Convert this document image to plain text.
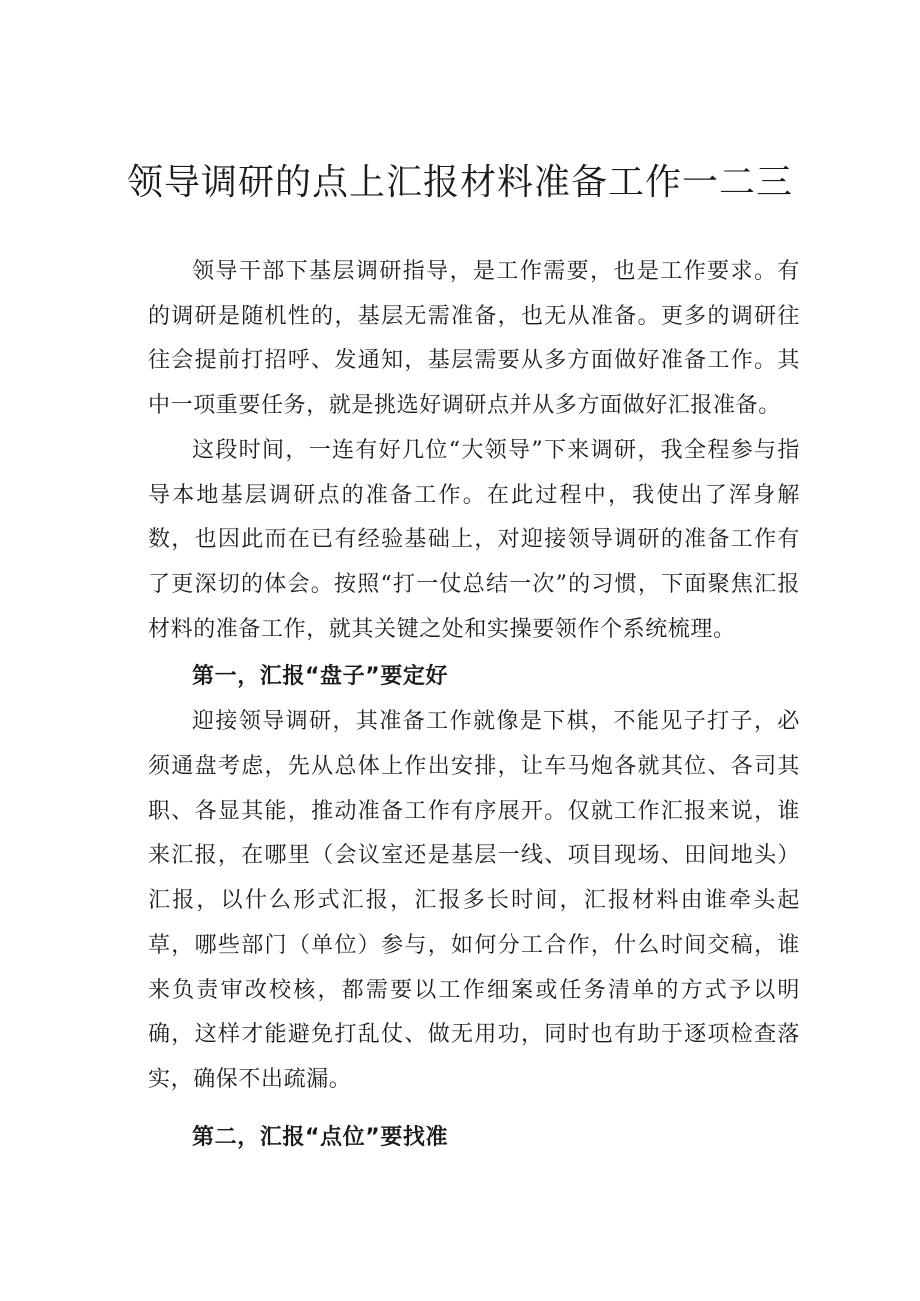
领导调研的点上汇报材料准备工作一二三

领导干部下基层调研指导，是工作需要，也是工作要求。有的调研是随机性的，基层无需准备，也无从准备。更多的调研往往会提前打招呼、发通知，基层需要从多方面做好准备工作。其中一项重要任务，就是挑选好调研点并从多方面做好汇报准备。

这段时间，一连有好几位“大领导”下来调研，我全程参与指导本地基层调研点的准备工作。在此过程中，我使出了浑身解数，也因此而在已有经验基础上，对迎接领导调研的准备工作有了更深切的体会。按照“打一仗总结一次”的习惯，下面聚焦汇报材料的准备工作，就其关键之处和实操要领作个系统梳理。

第一，汇报“盘子”要定好

迎接领导调研，其准备工作就像是下棋，不能见子打子，必须通盘考虑，先从总体上作出安排，让车马炮各就其位、各司其职、各显其能，推动准备工作有序展开。仅就工作汇报来说，谁来汇报，在哪里（会议室还是基层一线、项目现场、田间地头）汇报，以什么形式汇报，汇报多长时间，汇报材料由谁牵头起草，哪些部门（单位）参与，如何分工合作，什么时间交稿，谁来负责审改校核，都需要以工作细案或任务清单的方式予以明确，这样才能避免打乱仗、做无用功，同时也有助于逐项检查落实，确保不出疏漏。

第二，汇报“点位”要找准
